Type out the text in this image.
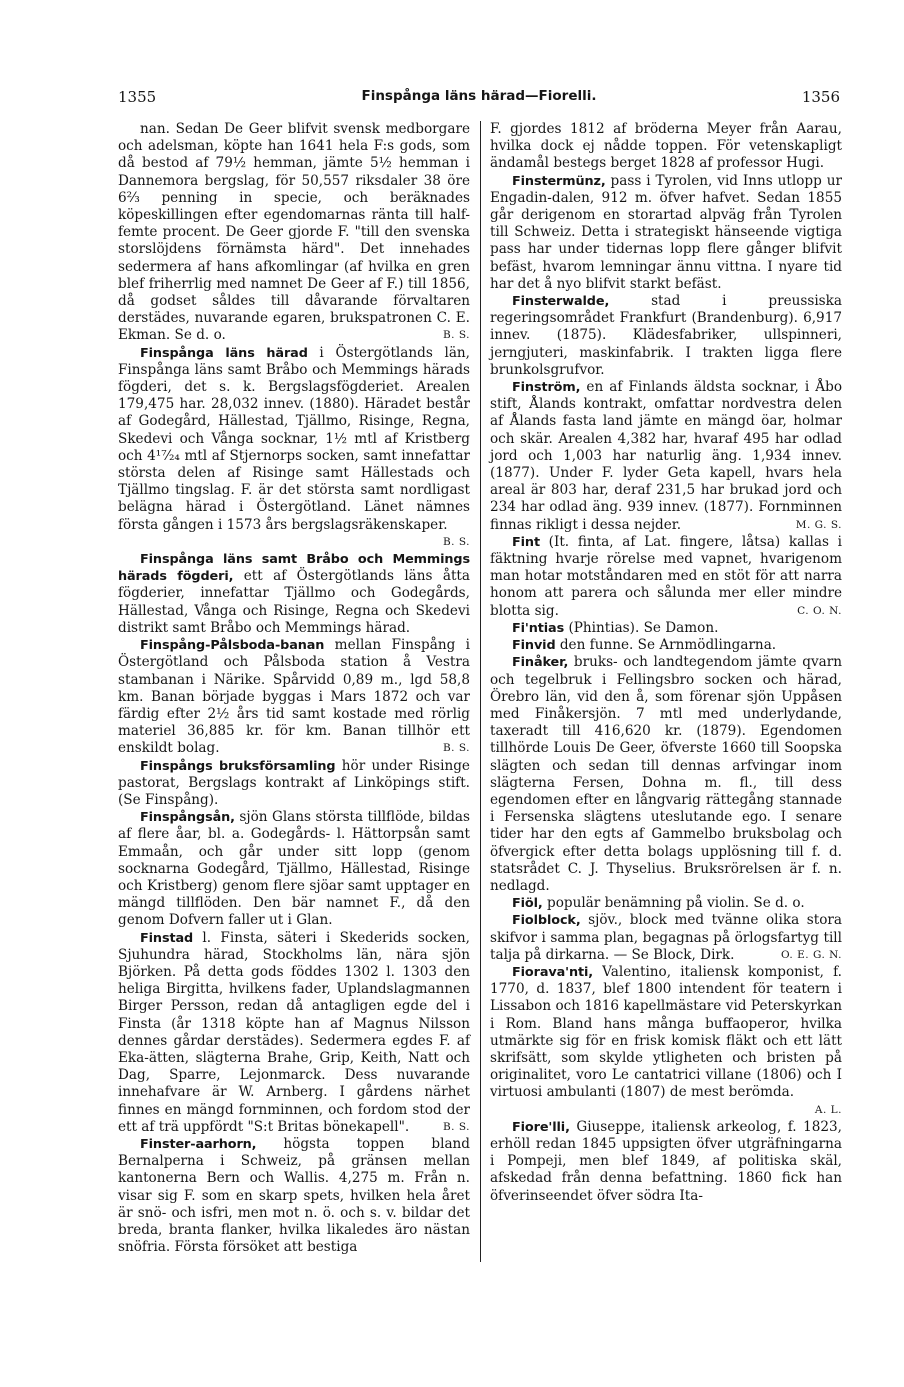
1355	Finspånga läns härad—Fiorelli.	1356

nan. Sedan De Geer blifvit svensk medborgare och adelsman, köpte han 1641 hela F:s gods, som då bestod af 79½ hemman, jämte 5½ hemman i Dannemora bergslag, för 50,557 riksdaler 38 öre 6⅔ penning in specie, och beräknades köpeskillingen efter egendomarnas ränta till half-femte procent. De Geer gjorde F. "till den svenska storslöjdens förnämsta härd". Det innehades sedermera af hans afkomlingar (af hvilka en gren blef friherrlig med namnet De Geer af F.) till 1856, då godset såldes till dåvarande förvaltaren derstädes, nuvarande egaren, brukspatronen C. E. Ekman. Se d. o.	B. S.

Finspånga läns härad i Östergötlands län, Finspånga läns samt Bråbo och Memmings härads fögderi, det s. k. Bergslagsfögderiet. Arealen 179,475 har. 28,032 innev. (1880). Häradet består af Godegård, Hällestad, Tjällmo, Risinge, Regna, Skedevi och Vånga socknar, 1½ mtl af Kristberg och 4¹⁷⁄₂₄ mtl af Stjernorps socken, samt innefattar största delen af Risinge samt Hällestads och Tjällmo tingslag. F. är det största samt nordligast belägna härad i Östergötland. Länet nämnes första gången i 1573 års bergslagsräkenskaper.
B. S.

Finspånga läns samt Bråbo och Memmings härads fögderi, ett af Östergötlands läns åtta fögderier, innefattar Tjällmo och Godegårds, Hällestad, Vånga och Risinge, Regna och Skedevi distrikt samt Bråbo och Memmings härad.

Finspång-Pålsboda-banan mellan Finspång i Östergötland och Pålsboda station å Vestra stambanan i Närike. Spårvidd 0,89 m., lgd 58,8 km. Banan började byggas i Mars 1872 och var färdig efter 2½ års tid samt kostade med rörlig materiel 36,885 kr. för km. Banan tillhör ett enskildt bolag.	B. S.

Finspångs bruksförsamling hör under Risinge pastorat, Bergslags kontrakt af Linköpings stift. (Se Finspång).

Finspångsån, sjön Glans största tillflöde, bildas af flere åar, bl. a. Godegårds- l. Hättorpsån samt Emmaån, och går under sitt lopp (genom socknarna Godegård, Tjällmo, Hällestad, Risinge och Kristberg) genom flere sjöar samt upptager en mängd tillflöden. Den bär namnet F., då den genom Dofvern faller ut i Glan.

Finstad l. Finsta, säteri i Skederids socken, Sjuhundra härad, Stockholms län, nära sjön Björken. På detta gods föddes 1302 l. 1303 den heliga Birgitta, hvilkens fader, Uplandslagmannen Birger Persson, redan då antagligen egde del i Finsta (år 1318 köpte han af Magnus Nilsson dennes gårdar derstädes). Sedermera egdes F. af Eka-ätten, slägterna Brahe, Grip, Keith, Natt och Dag, Sparre, Lejonmarck. Dess nuvarande innehafvare är W. Arnberg. I gårdens närhet finnes en mängd fornminnen, och fordom stod der ett af trä uppfördt "S:t Britas bönekapell".	B. S.

Finster-aarhorn, högsta toppen bland Bernalperna i Schweiz, på gränsen mellan kantonerna Bern och Wallis. 4,275 m. Från n. visar sig F. som en skarp spets, hvilken hela året är snö- och isfri, men mot n. ö. och s. v. bildar det breda, branta flanker, hvilka likaledes äro nästan snöfria. Första försöket att bestiga

F. gjordes 1812 af bröderna Meyer från Aarau, hvilka dock ej nådde toppen. För vetenskapligt ändamål bestegs berget 1828 af professor Hugi.

Finstermünz, pass i Tyrolen, vid Inns utlopp ur Engadin-dalen, 912 m. öfver hafvet. Sedan 1855 går derigenom en storartad alpväg från Tyrolen till Schweiz. Detta i strategiskt hänseende vigtiga pass har under tidernas lopp flere gånger blifvit befäst, hvarom lemningar ännu vittna. I nyare tid har det å nyo blifvit starkt befäst.

Finsterwalde, stad i preussiska regeringsområdet Frankfurt (Brandenburg). 6,917 innev. (1875). Klädesfabriker, ullspinneri, jerngjuteri, maskinfabrik. I trakten ligga flere brunkolsgrufvor.

Finström, en af Finlands äldsta socknar, i Åbo stift, Ålands kontrakt, omfattar nordvestra delen af Ålands fasta land jämte en mängd öar, holmar och skär. Arealen 4,382 har, hvaraf 495 har odlad jord och 1,003 har naturlig äng. 1,934 innev. (1877). Under F. lyder Geta kapell, hvars hela areal är 803 har, deraf 231,5 har brukad jord och 234 har odlad äng. 939 innev. (1877). Fornminnen finnas rikligt i dessa nejder.	M. G. S.

Fint (It. finta, af Lat. fingere, låtsa) kallas i fäktning hvarje rörelse med vapnet, hvarigenom man hotar motståndaren med en stöt för att narra honom att parera och sålunda mer eller mindre blotta sig.	C. O. N.

Fi'ntias (Phintias). Se Damon.

Finvid den funne. Se Arnmödlingarna.

Finåker, bruks- och landtegendom jämte qvarn och tegelbruk i Fellingsbro socken och härad, Örebro län, vid den å, som förenar sjön Uppåsen med Finåkersjön. 7 mtl med underlydande, taxeradt till 416,620 kr. (1879). Egendomen tillhörde Louis De Geer, öfverste 1660 till Soopska slägten och sedan till dennas arfvingar inom slägterna Fersen, Dohna m. fl., till dess egendomen efter en långvarig rättegång stannade i Fersenska slägtens uteslutande ego. I senare tider har den egts af Gammelbo bruksbolag och öfvergick efter detta bolags upplösning till f. d. statsrådet C. J. Thyselius. Bruksrörelsen är f. n. nedlagd.

Fiöl, populär benämning på violin. Se d. o.

Fiolblock, sjöv., block med tvänne olika stora skifvor i samma plan, begagnas på örlogsfartyg till talja på dirkarna. — Se Block, Dirk.	O. E. G. N.

Fiorava'nti, Valentino, italiensk komponist, f. 1770, d. 1837, blef 1800 intendent för teatern i Lissabon och 1816 kapellmästare vid Peterskyrkan i Rom. Bland hans många buffaoperor, hvilka utmärkte sig för en frisk komisk fläkt och ett lätt skrifsätt, som skylde ytligheten och bristen på originalitet, voro Le cantatrici villane (1806) och I virtuosi ambulanti (1807) de mest berömda.
A. L.

Fiore'lli, Giuseppe, italiensk arkeolog, f. 1823, erhöll redan 1845 uppsigten öfver utgräfningarna i Pompeji, men blef 1849, af politiska skäl, afskedad från denna befattning. 1860 fick han öfverinseendet öfver södra Ita-
